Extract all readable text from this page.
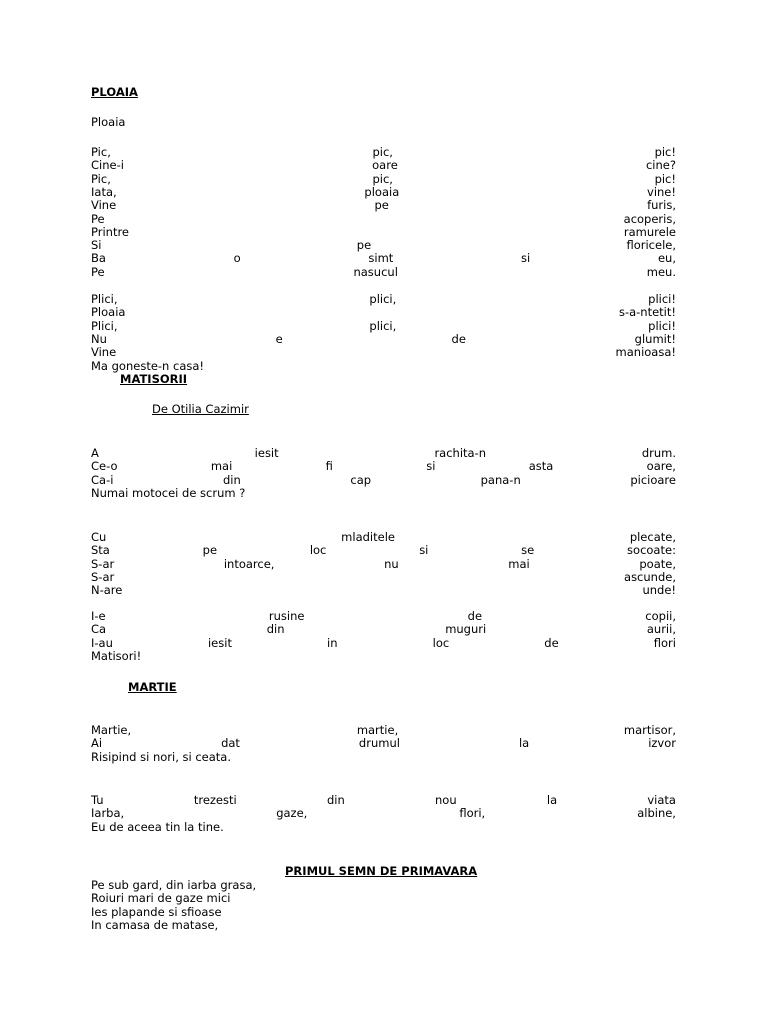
PLOAIA
Ploaia
Pic,	pic,	pic!
Cine-i	oare	cine?
Pic,	pic,	pic!
Iata,	ploaia	vine!
Vine	pe	furis,
Pe	acoperis,
Printre	ramurele
Si	pe	floricele,
Ba	o	simt	si	eu,
Pe	nasucul	meu.
Plici,	plici,	plici!
Ploaia	s-a-ntetit!
Plici,	plici,	plici!
Nu	e	de	glumit!
Vine	manioasa!
Ma goneste-n casa!
MATISORII
De Otilia Cazimir
A	iesit	rachita-n	drum.
Ce-o	mai	fi	si	asta	oare,
Ca-i	din	cap	pana-n	picioare
Numai motocei de scrum ?
Cu	mladitele	plecate,
Sta	pe	loc	si	se	socoate:
S-ar	intoarce,	nu	mai	poate,
S-ar	ascunde,
N-are	unde!
I-e	rusine	de	copii,
Ca	din	muguri	aurii,
I-au	iesit	in	loc	de	flori
Matisori!
MARTIE
Martie,	martie,	martisor,
Ai	dat	drumul	la	izvor
Risipind si nori, si ceata.
Tu	trezesti	din	nou	la	viata
Iarba,	gaze,	flori,	albine,
Eu de aceea tin la tine.
PRIMUL SEMN DE PRIMAVARA
Pe sub gard, din iarba grasa,
Roiuri mari de gaze mici
Ies plapande si sfioase
In camasa de matase,
